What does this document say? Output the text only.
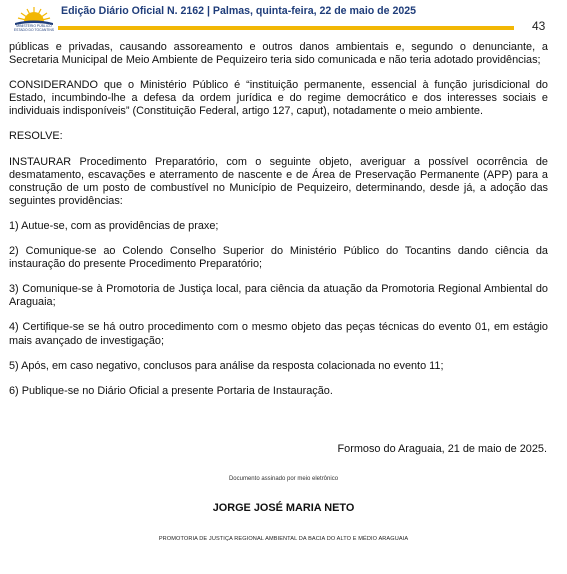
MINISTÉRIO PÚBLICO
ESTADO DO TOCANTINS
Edição Diário Oficial N. 2162 | Palmas, quinta-feira, 22 de maio de 2025
43

públicas e privadas, causando assoreamento e outros danos ambientais e, segundo o denunciante, a Secretaria Municipal de Meio Ambiente de Pequizeiro teria sido comunicada e não teria adotado providências;

CONSIDERANDO que o Ministério Público é “instituição permanente, essencial à função jurisdicional do Estado, incumbindo-lhe a defesa da ordem jurídica e do regime democrático e dos interesses sociais e individuais indisponíveis” (Constituição Federal, artigo 127, caput), notadamente o meio ambiente.

RESOLVE:

INSTAURAR Procedimento Preparatório, com o seguinte objeto, averiguar a possível ocorrência de desmatamento, escavações e aterramento de nascente e de Área de Preservação Permanente (APP) para a construção de um posto de combustível no Município de Pequizeiro, determinando, desde já, a adoção das seguintes providências:

1) Autue-se, com as providências de praxe;

2) Comunique-se ao Colendo Conselho Superior do Ministério Público do Tocantins dando ciência da instauração do presente Procedimento Preparatório;

3) Comunique-se à Promotoria de Justiça local, para ciência da atuação da Promotoria Regional Ambiental do Araguaia;

4) Certifique-se se há outro procedimento com o mesmo objeto das peças técnicas do evento 01, em estágio mais avançado de investigação;

5) Após, em caso negativo, conclusos para análise da resposta colacionada no evento 11;

6) Publique-se no Diário Oficial a presente Portaria de Instauração.

Formoso do Araguaia, 21 de maio de 2025.
Documento assinado por meio eletrônico
JORGE JOSÉ MARIA NETO
PROMOTORIA DE JUSTIÇA REGIONAL AMBIENTAL DA BACIA DO ALTO E MÉDIO ARAGUAIA
